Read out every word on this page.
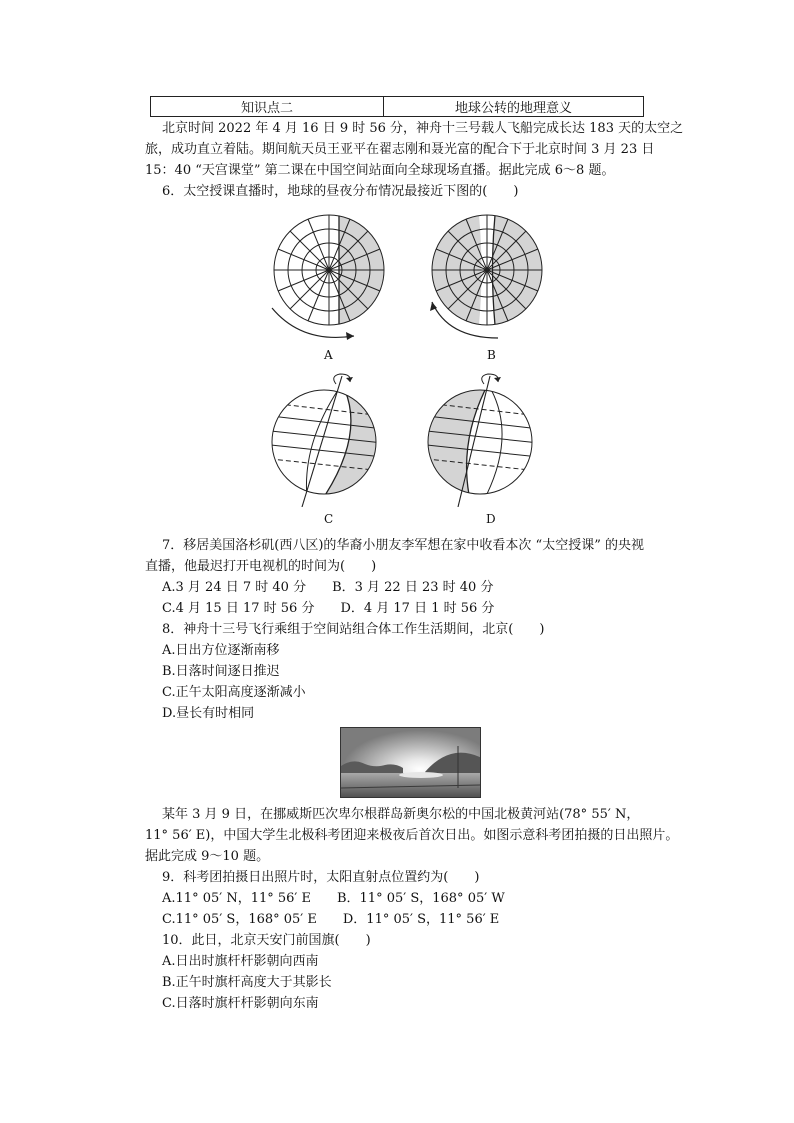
知识点二	地球公转的地理意义
北京时间 2022 年 4 月 16 日 9 时 56 分，神舟十三号载人飞船完成长达 183 天的太空之
旅，成功直立着陆。期间航天员王亚平在翟志刚和聂光富的配合下于北京时间 3 月 23 日
15：40 “天宫课堂” 第二课在中国空间站面向全球现场直播。据此完成 6～8 题。
6．太空授课直播时，地球的昼夜分布情况最接近下图的(　　)
A	B
C	D
7．移居美国洛杉矶(西八区)的华裔小朋友李军想在家中收看本次 “太空授课” 的央视
直播，他最迟打开电视机的时间为(　　)
A.3 月 24 日 7 时 40 分　　B．3 月 22 日 23 时 40 分
C.4 月 15 日 17 时 56 分　　D．4 月 17 日 1 时 56 分
8．神舟十三号飞行乘组于空间站组合体工作生活期间，北京(　　)
A.日出方位逐渐南移
B.日落时间逐日推迟
C.正午太阳高度逐渐减小
D.昼长有时相同
某年 3 月 9 日，在挪威斯匹次卑尔根群岛新奥尔松的中国北极黄河站(78° 55′ N，
11° 56′ E)，中国大学生北极科考团迎来极夜后首次日出。如图示意科考团拍摄的日出照片。
据此完成 9～10 题。
9．科考团拍摄日出照片时，太阳直射点位置约为(　　)
A.11° 05′ N，11° 56′ E　　B．11° 05′ S，168° 05′ W
C.11° 05′ S，168° 05′ E　　D．11° 05′ S，11° 56′ E
10．此日，北京天安门前国旗(　　)
A.日出时旗杆杆影朝向西南
B.正午时旗杆高度大于其影长
C.日落时旗杆杆影朝向东南
